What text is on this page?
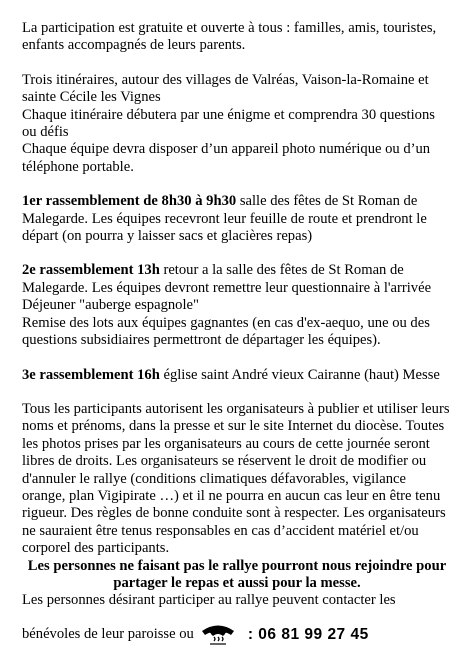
La participation est gratuite et ouverte à tous : familles, amis, touristes, enfants accompagnés de leurs parents.

Trois itinéraires, autour des villages de Valréas, Vaison-la-Romaine et sainte Cécile les Vignes

Chaque itinéraire débutera par une énigme et comprendra 30 questions ou défis

Chaque équipe devra disposer d’un appareil photo numérique ou d’un téléphone portable.

1er rassemblement de 8h30 à 9h30 salle des fêtes de St Roman de Malegarde. Les équipes recevront leur feuille de route et prendront le départ (on pourra y laisser sacs et glacières repas)

2e rassemblement 13h retour a la salle des fêtes de St Roman de Malegarde. Les équipes devront remettre leur questionnaire à l'arrivée Déjeuner "auberge espagnole"

Remise des lots aux équipes gagnantes (en cas d'ex-aequo, une ou des questions subsidiaires permettront de départager les équipes).

3e rassemblement 16h église saint André vieux Cairanne (haut) Messe

Tous les participants autorisent les organisateurs à publier et utiliser leurs noms et prénoms, dans la presse et sur le site Internet du diocèse. Toutes les photos prises par les organisateurs au cours de cette journée seront libres de droits. Les organisateurs se réservent le droit de modifier ou d'annuler le rallye (conditions climatiques défavorables, vigilance orange, plan Vigipirate …) et il ne pourra en aucun cas leur en être tenu rigueur. Des règles de bonne conduite sont à respecter. Les organisateurs ne sauraient être tenus responsables en cas d’accident matériel et/ou corporel des participants.

Les personnes ne faisant pas le rallye pourront nous rejoindre pour partager le repas et aussi pour la messe.

Les personnes désirant participer au rallye peuvent contacter les

bénévoles de leur paroisse ou	: 06 81 99 27 45
